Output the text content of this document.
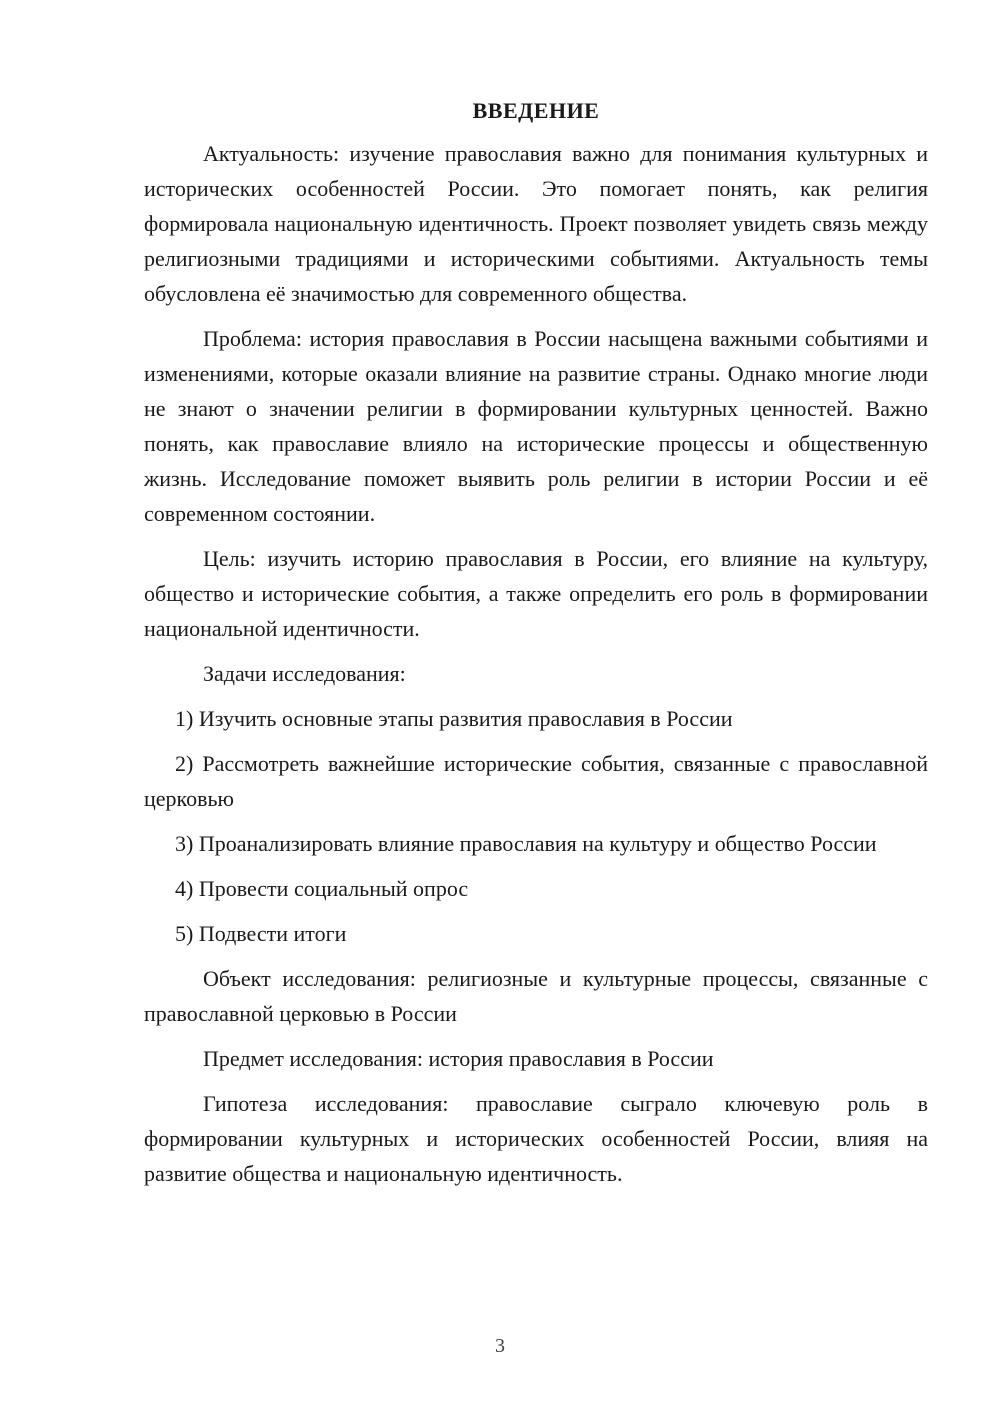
ВВЕДЕНИЕ

Актуальность: изучение православия важно для понимания культурных и исторических особенностей России. Это помогает понять, как религия формировала национальную идентичность. Проект позволяет увидеть связь между религиозными традициями и историческими событиями. Актуальность темы обусловлена её значимостью для современного общества.

Проблема: история православия в России насыщена важными событиями и изменениями, которые оказали влияние на развитие страны. Однако многие люди не знают о значении религии в формировании культурных ценностей. Важно понять, как православие влияло на исторические процессы и общественную жизнь. Исследование поможет выявить роль религии в истории России и её современном состоянии.

Цель: изучить историю православия в России, его влияние на культуру, общество и исторические события, а также определить его роль в формировании национальной идентичности.

Задачи исследования:

1) Изучить основные этапы развития православия в России

2) Рассмотреть важнейшие исторические события, связанные с православной церковью

3) Проанализировать влияние православия на культуру и общество России

4) Провести социальный опрос

5) Подвести итоги

Объект исследования: религиозные и культурные процессы, связанные с православной церковью в России

Предмет исследования: история православия в России

Гипотеза исследования: православие сыграло ключевую роль в формировании культурных и исторических особенностей России, влияя на развитие общества и национальную идентичность.

3
